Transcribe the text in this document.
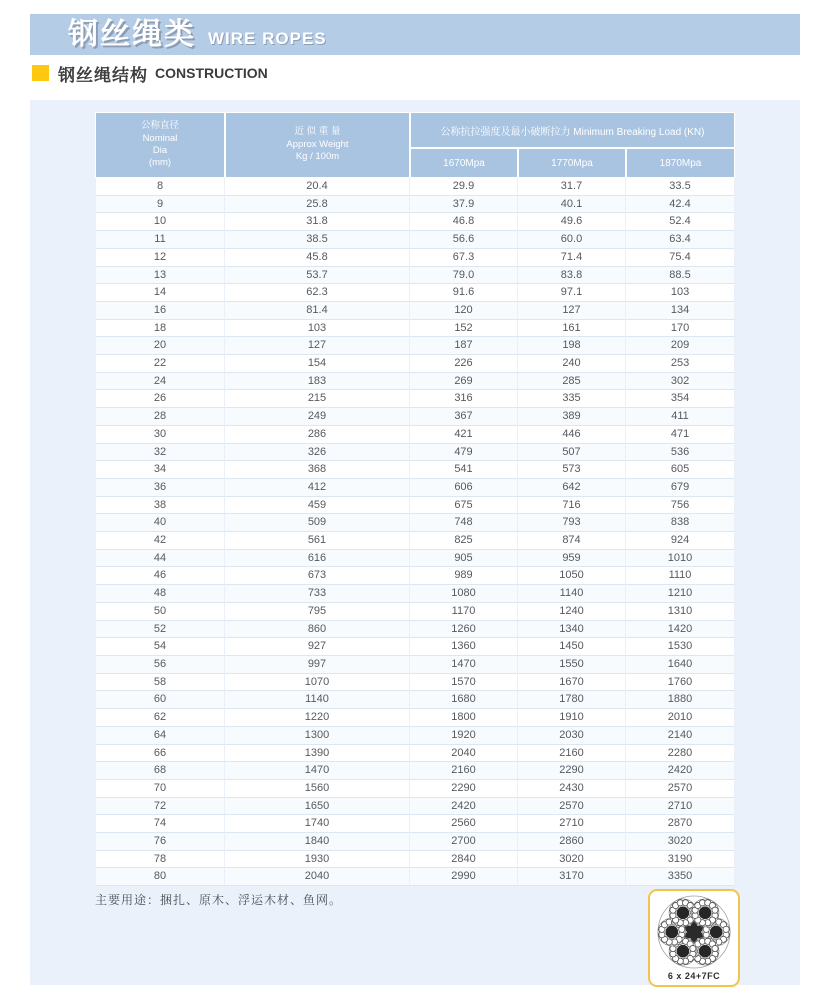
钢丝绳类 WIRE ROPES
钢丝绳结构 CONSTRUCTION
公称直径
Nominal
Dia
(mm)	近 似 重 量
Approx Weight
Kg / 100m	公称抗拉强度及最小破断拉力 Minimum Breaking Load (KN)		
		1670Mpa	1770Mpa	1870Mpa
8	20.4	29.9	31.7	33.5
9	25.8	37.9	40.1	42.4
10	31.8	46.8	49.6	52.4
11	38.5	56.6	60.0	63.4
12	45.8	67.3	71.4	75.4
13	53.7	79.0	83.8	88.5
14	62.3	91.6	97.1	103
16	81.4	120	127	134
18	103	152	161	170
20	127	187	198	209
22	154	226	240	253
24	183	269	285	302
26	215	316	335	354
28	249	367	389	411
30	286	421	446	471
32	326	479	507	536
34	368	541	573	605
36	412	606	642	679
38	459	675	716	756
40	509	748	793	838
42	561	825	874	924
44	616	905	959	1010
46	673	989	1050	1110
48	733	1080	1140	1210
50	795	1170	1240	1310
52	860	1260	1340	1420
54	927	1360	1450	1530
56	997	1470	1550	1640
58	1070	1570	1670	1760
60	1140	1680	1780	1880
62	1220	1800	1910	2010
64	1300	1920	2030	2140
66	1390	2040	2160	2280
68	1470	2160	2290	2420
70	1560	2290	2430	2570
72	1650	2420	2570	2710
74	1740	2560	2710	2870
76	1840	2700	2860	3020
78	1930	2840	3020	3190
80	2040	2990	3170	3350
主要用途：捆扎、原木、浮运木材、鱼网。
6 x 24+7FC
